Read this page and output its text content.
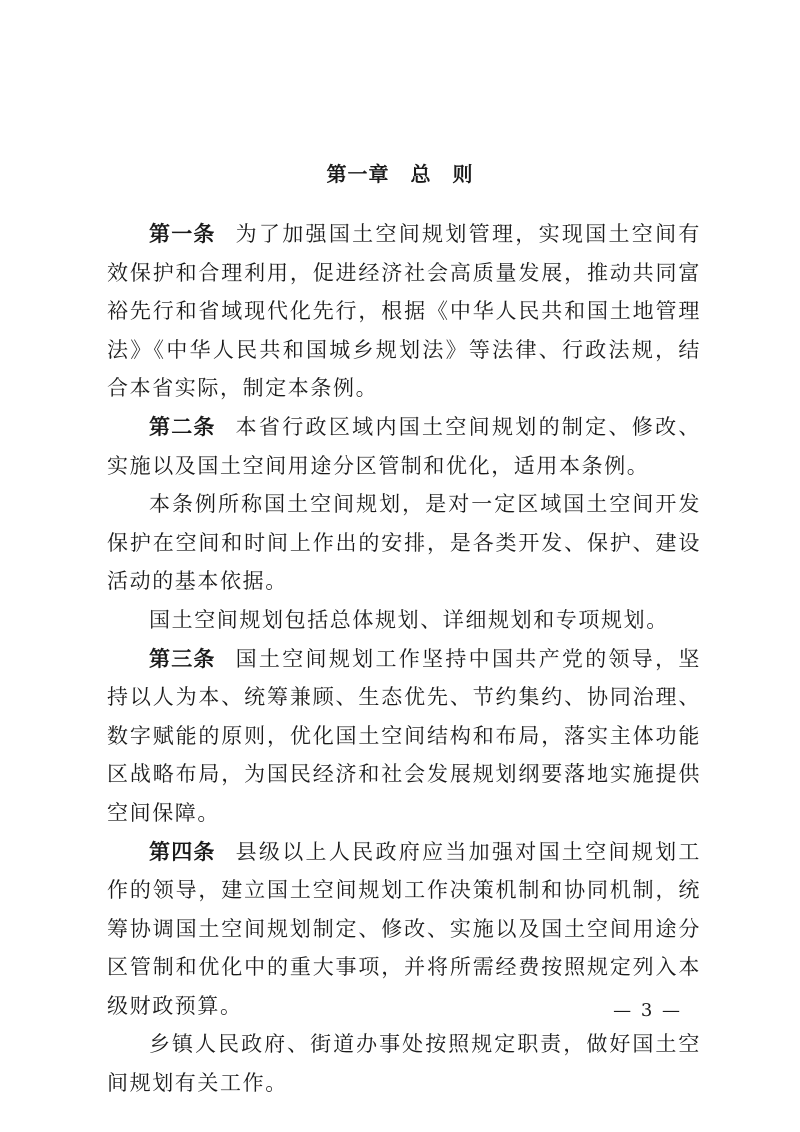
第一章　总　则

第一条 为了加强国土空间规划管理，实现国土空间有效保护和合理利用，促进经济社会高质量发展，推动共同富裕先行和省域现代化先行，根据《中华人民共和国土地管理法》《中华人民共和国城乡规划法》等法律、行政法规，结合本省实际，制定本条例。

第二条 本省行政区域内国土空间规划的制定、修改、实施以及国土空间用途分区管制和优化，适用本条例。

本条例所称国土空间规划，是对一定区域国土空间开发保护在空间和时间上作出的安排，是各类开发、保护、建设活动的基本依据。

国土空间规划包括总体规划、详细规划和专项规划。

第三条 国土空间规划工作坚持中国共产党的领导，坚持以人为本、统筹兼顾、生态优先、节约集约、协同治理、数字赋能的原则，优化国土空间结构和布局，落实主体功能区战略布局，为国民经济和社会发展规划纲要落地实施提供空间保障。

第四条 县级以上人民政府应当加强对国土空间规划工作的领导，建立国土空间规划工作决策机制和协同机制，统筹协调国土空间规划制定、修改、实施以及国土空间用途分区管制和优化中的重大事项，并将所需经费按照规定列入本级财政预算。

乡镇人民政府、街道办事处按照规定职责，做好国土空间规划有关工作。

— 3 —
